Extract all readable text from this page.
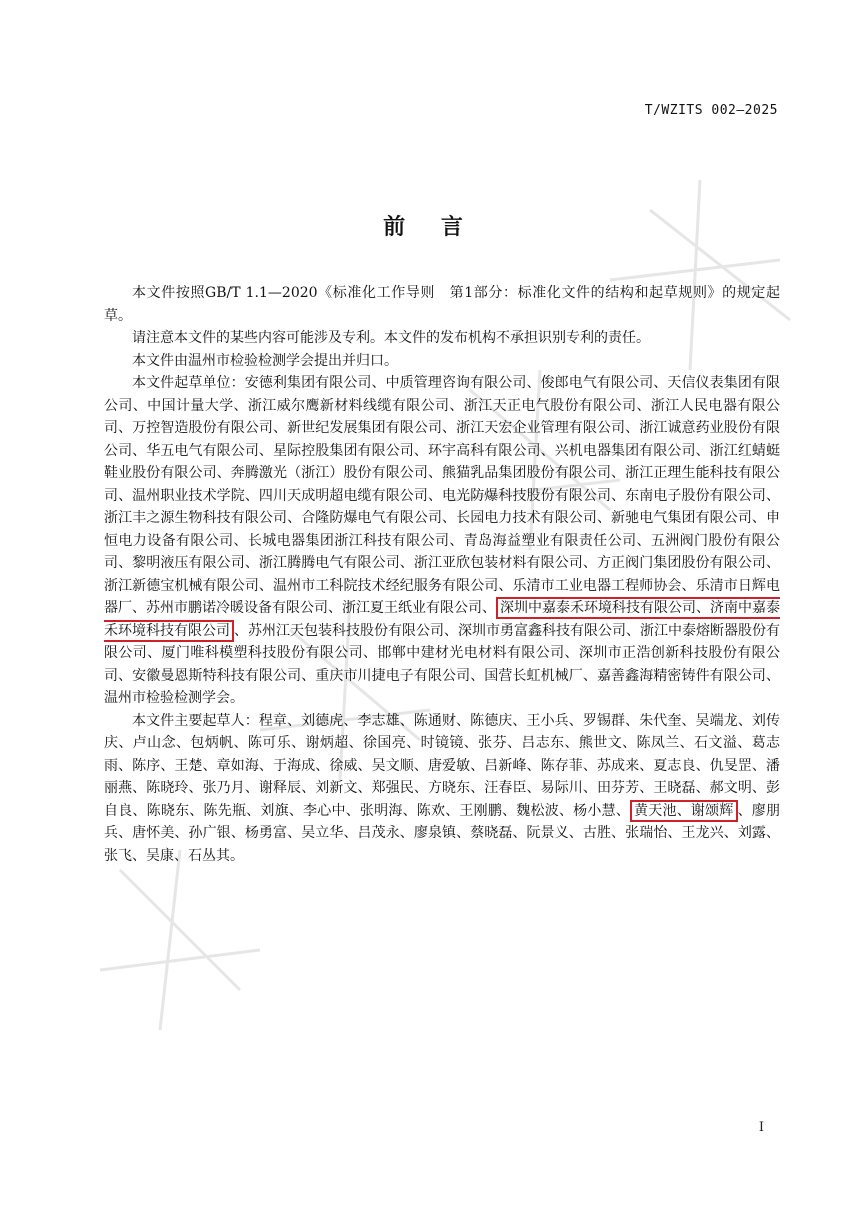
T/WZITS 002—2025
前 言

本文件按照GB/T 1.1—2020《标准化工作导则　第1部分：标准化文件的结构和起草规则》的规定起草。

请注意本文件的某些内容可能涉及专利。本文件的发布机构不承担识别专利的责任。

本文件由温州市检验检测学会提出并归口。

本文件起草单位：安德利集团有限公司、中质管理咨询有限公司、俊郎电气有限公司、天信仪表集团有限公司、中国计量大学、浙江威尔鹰新材料线缆有限公司、浙江天正电气股份有限公司、浙江人民电器有限公司、万控智造股份有限公司、新世纪发展集团有限公司、浙江天宏企业管理有限公司、浙江诚意药业股份有限公司、华五电气有限公司、星际控股集团有限公司、环宇高科有限公司、兴机电器集团有限公司、浙江红蜻蜓鞋业股份有限公司、奔腾激光（浙江）股份有限公司、熊猫乳品集团股份有限公司、浙江正理生能科技有限公司、温州职业技术学院、四川天成明超电缆有限公司、电光防爆科技股份有限公司、东南电子股份有限公司、浙江丰之源生物科技有限公司、合隆防爆电气有限公司、长园电力技术有限公司、新驰电气集团有限公司、申恒电力设备有限公司、长城电器集团浙江科技有限公司、青岛海益塑业有限责任公司、五洲阀门股份有限公司、黎明液压有限公司、浙江腾腾电气有限公司、浙江亚欣包装材料有限公司、方正阀门集团股份有限公司、浙江新德宝机械有限公司、温州市工科院技术经纪服务有限公司、乐清市工业电器工程师协会、乐清市日辉电器厂、苏州市鹏诺冷暖设备有限公司、浙江夏王纸业有限公司、 深圳中嘉泰禾环境科技有限公司、济南中嘉泰禾环境科技有限公司 、苏州江天包装科技股份有限公司、深圳市勇富鑫科技有限公司、浙江中泰熔断器股份有限公司、厦门唯科模塑科技股份有限公司、邯郸中建材光电材料有限公司、深圳市正浩创新科技股份有限公司、安徽曼恩斯特科技有限公司、重庆市川捷电子有限公司、国营长虹机械厂、嘉善鑫海精密铸件有限公司、温州市检验检测学会。

本文件主要起草人：程章、刘德虎、李志雄、陈通财、陈德庆、王小兵、罗锡群、朱代奎、吴端龙、刘传庆、卢山念、包炳帆、陈可乐、谢炳超、徐国亮、时镜镜、张芬、吕志东、熊世文、陈凤兰、石文溢、葛志雨、陈序、王楚、章如海、于海成、徐威、吴文顺、唐爱敏、吕新峰、陈存菲、苏成来、夏志良、仇旻罡、潘丽燕、陈晓玲、张乃月、谢释辰、刘新文、郑强民、方晓东、汪春臣、易际川、田芬芳、王晓磊、郝文明、彭自良、陈晓东、陈先瓶、刘旗、李心中、张明海、陈欢、王刚鹏、魏松波、杨小慧、 黄天池、谢颂辉 、廖朋兵、唐怀美、孙广银、杨勇富、吴立华、吕茂永、廖泉镇、蔡晓磊、阮景义、古胜、张瑞怡、王龙兴、刘露、张飞、吴康、石丛其。

I
